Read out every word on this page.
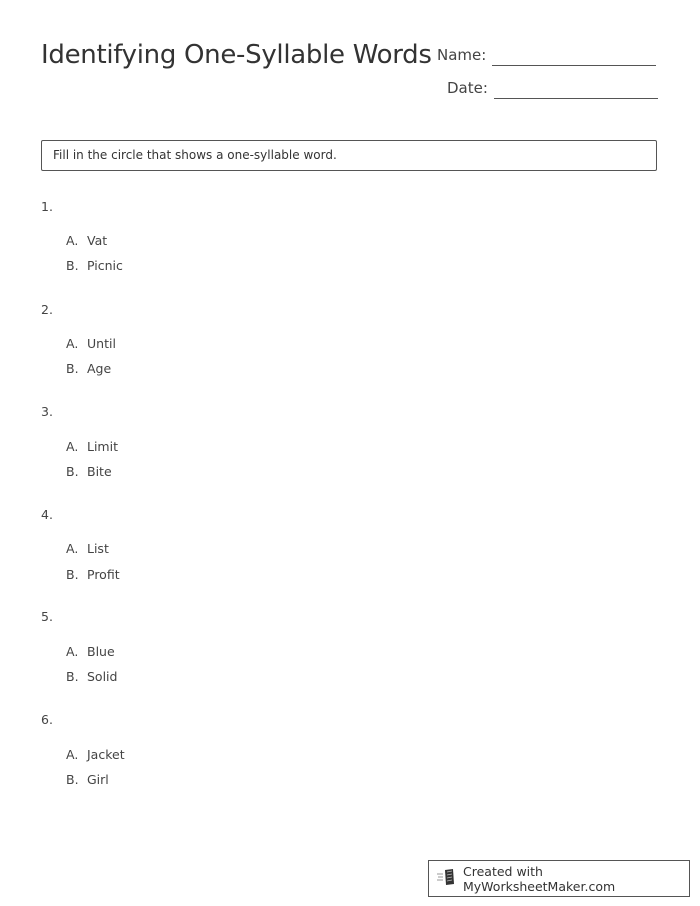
Identifying One-Syllable Words Name:
Date:
Fill in the circle that shows a one-syllable word.
1.
A. Vat
B. Picnic
2.
A. Until
B. Age
3.
A. Limit
B. Bite
4.
A. List
B. Profit
5.
A. Blue
B. Solid
6.
A. Jacket
B. Girl
Created with MyWorksheetMaker.com
